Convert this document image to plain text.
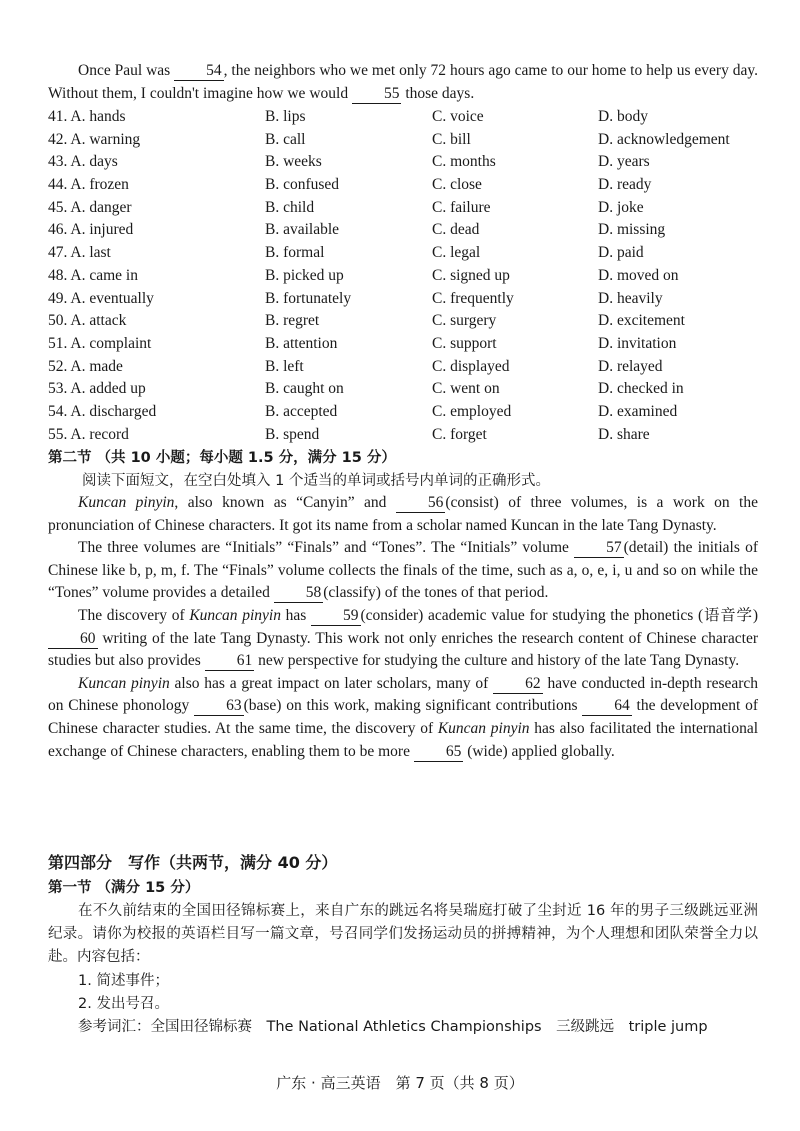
Once Paul was 54 , the neighbors who we met only 72 hours ago came to our home to help us every day. Without them, I couldn't imagine how we would 55 those days.

41. A. hands	B. lips	C. voice	D. body
42. A. warning	B. call	C. bill	D. acknowledgement
43. A. days	B. weeks	C. months	D. years
44. A. frozen	B. confused	C. close	D. ready
45. A. danger	B. child	C. failure	D. joke
46. A. injured	B. available	C. dead	D. missing
47. A. last	B. formal	C. legal	D. paid
48. A. came in	B. picked up	C. signed up	D. moved on
49. A. eventually	B. fortunately	C. frequently	D. heavily
50. A. attack	B. regret	C. surgery	D. excitement
51. A. complaint	B. attention	C. support	D. invitation
52. A. made	B. left	C. displayed	D. relayed
53. A. added up	B. caught on	C. went on	D. checked in
54. A. discharged	B. accepted	C. employed	D. examined
55. A. record	B. spend	C. forget	D. share
第二节 （共 10 小题；每小题 1.5 分，满分 15 分）
阅读下面短文，在空白处填入 1 个适当的单词或括号内单词的正确形式。

Kuncan pinyin, also known as “Canyin” and	56 (consist) of three volumes, is a work on the pronunciation of Chinese characters. It got its name from a scholar named Kuncan in the late Tang Dynasty.

The three volumes are “Initials” “Finals” and “Tones”. The “Initials” volume 57 (detail) the initials of Chinese like b, p, m, f. The “Finals” volume collects the finals of the time, such as a, o, e, i, u and so on while the “Tones” volume provides a detailed 58 (classify) of the tones of that period.

The discovery of Kuncan pinyin has 59 (consider) academic value for studying the phonetics (语音学) 60 writing of the late Tang Dynasty. This work not only enriches the research content of Chinese character studies but also provides 61 new perspective for studying the culture and history of the late Tang Dynasty.

Kuncan pinyin also has a great impact on later scholars, many of 62 have conducted in-depth research on Chinese phonology 63 (base) on this work, making significant contributions 64 the development of Chinese character studies. At the same time, the discovery of Kuncan pinyin has also facilitated the international exchange of Chinese characters, enabling them to be more 65 (wide) applied globally.

第四部分　写作（共两节，满分 40 分）
第一节 （满分 15 分）
在不久前结束的全国田径锦标赛上，来自广东的跳远名将吴瑞庭打破了尘封近 16 年的男子三级跳远亚洲纪录。请你为校报的英语栏目写一篇文章，号召同学们发扬运动员的拼搏精神，为个人理想和团队荣誉全力以赴。内容包括：
1. 简述事件；
2. 发出号召。
参考词汇：全国田径锦标赛　The National Athletics Championships　三级跳远　triple jump
广东 · 高三英语　第 7 页（共 8 页）
